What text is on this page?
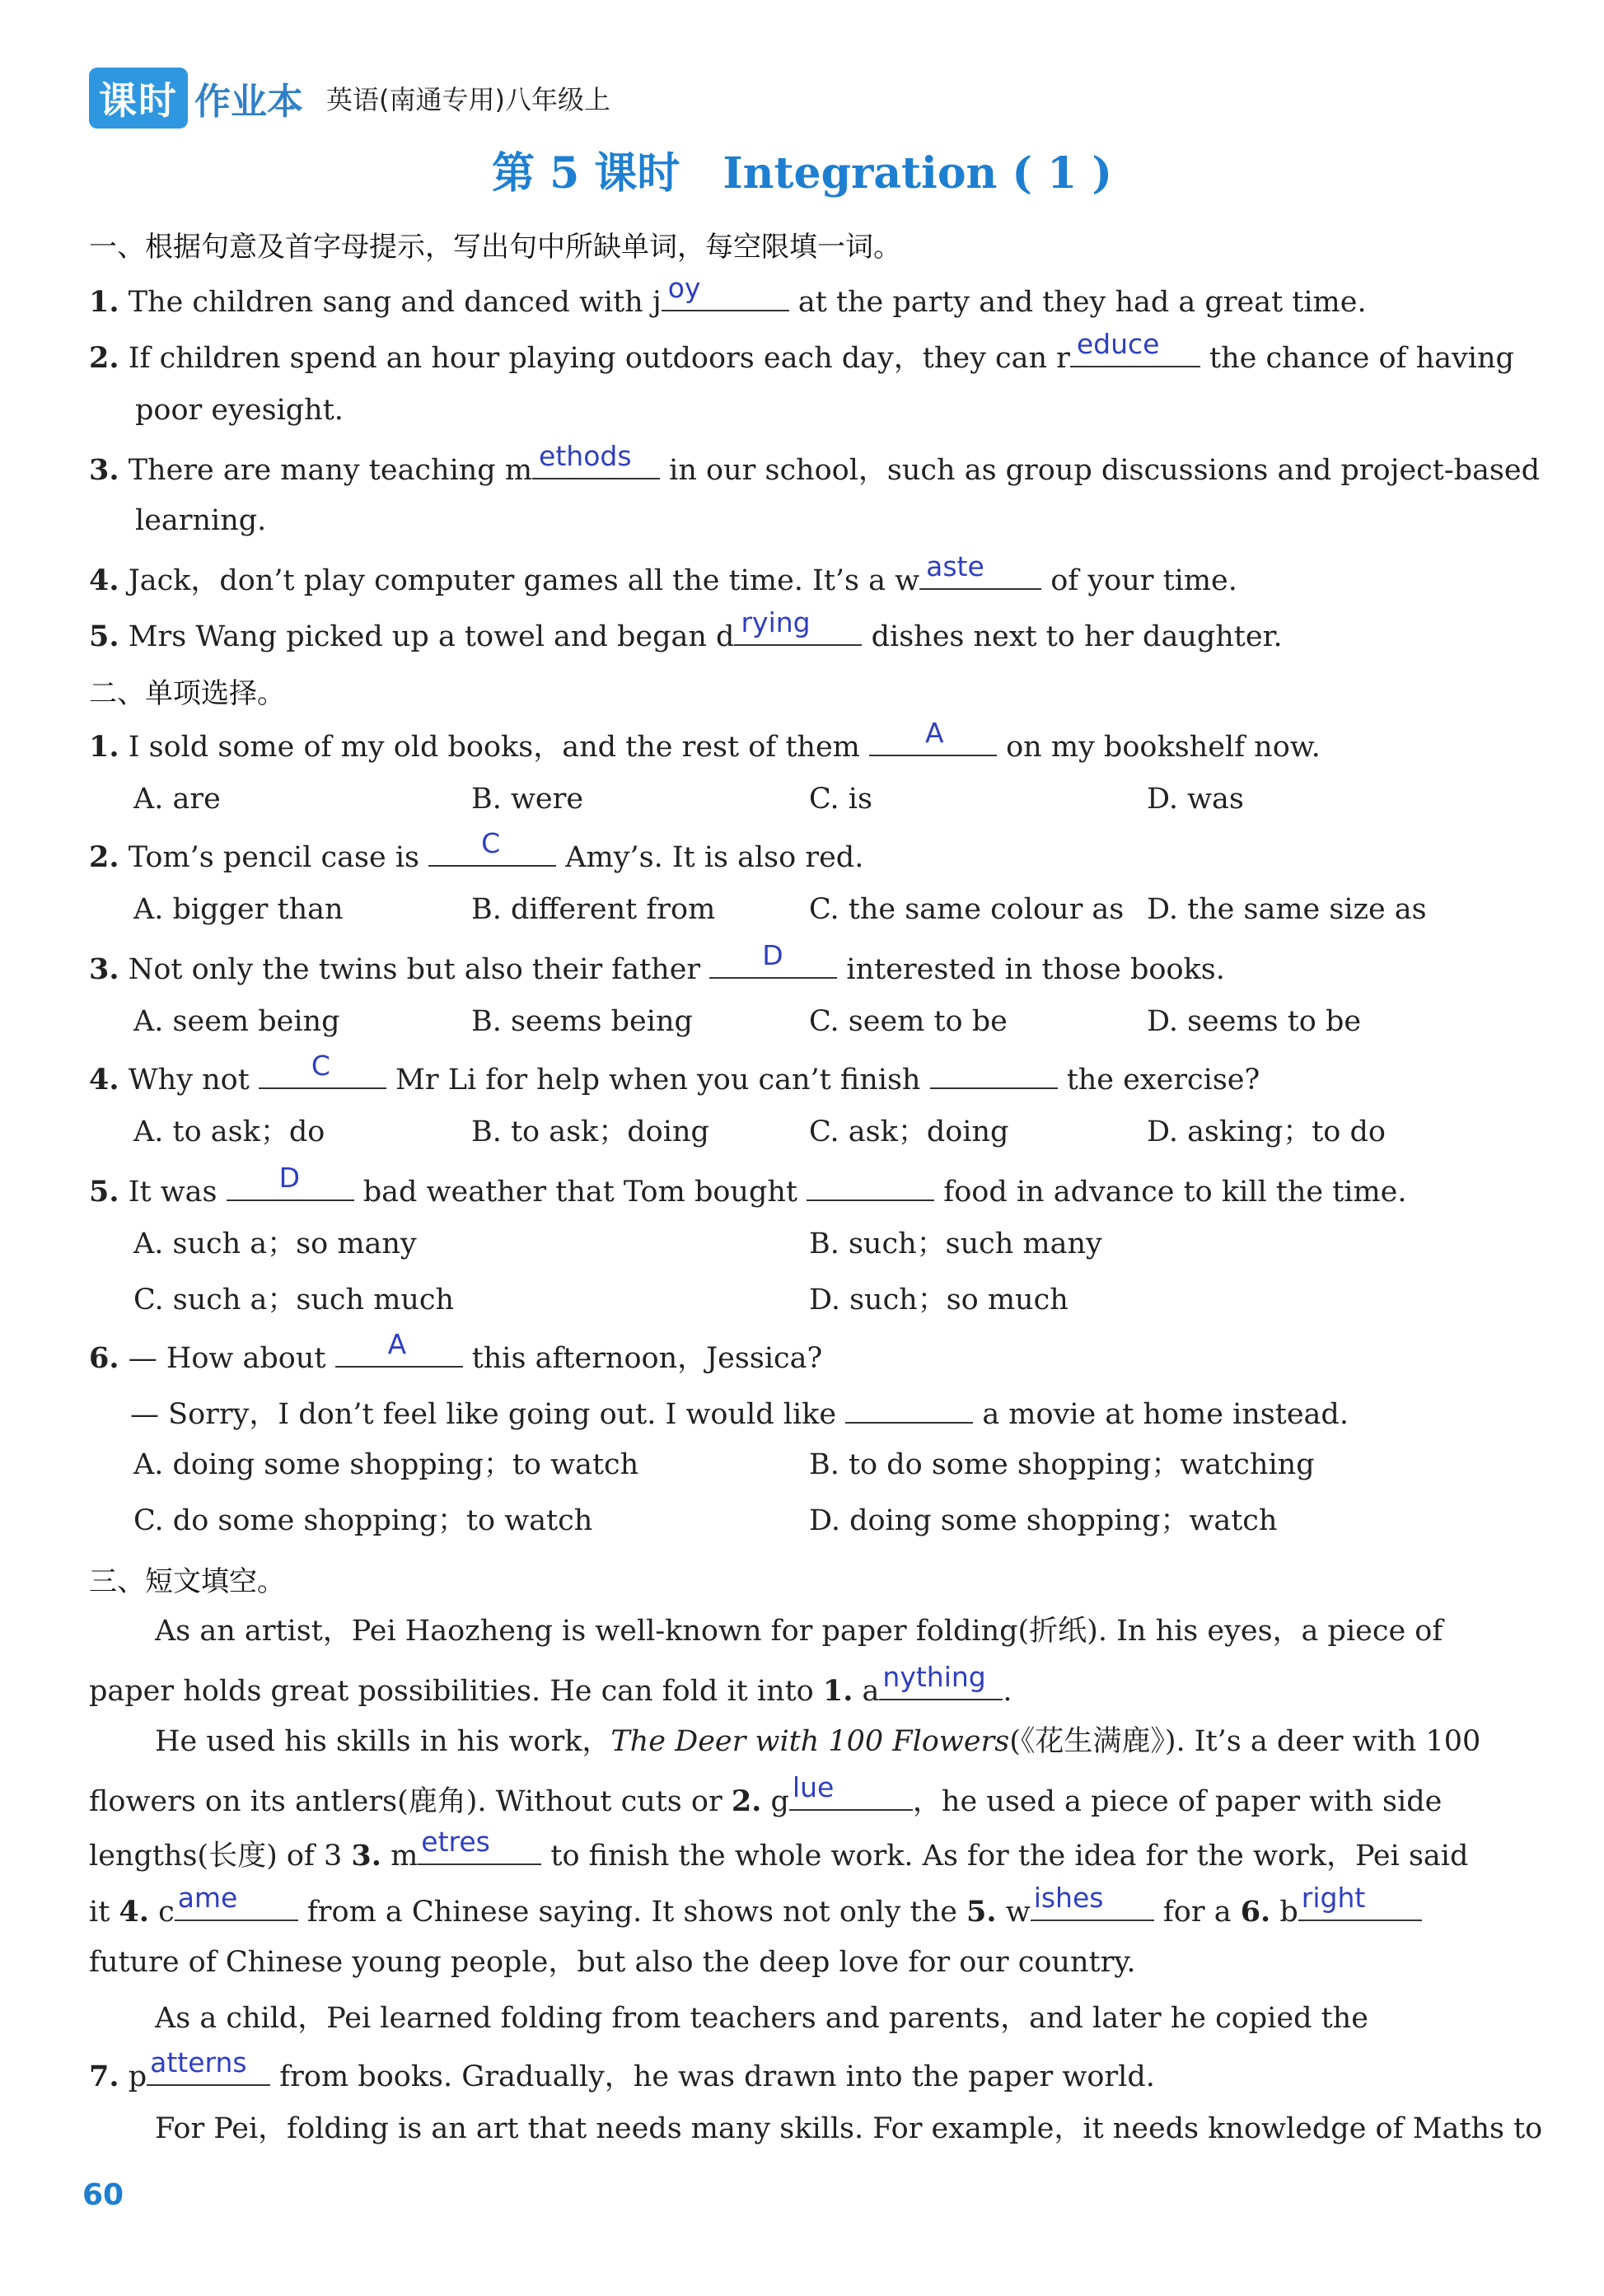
课时 作业本 英语(南通专用)八年级上
第 5 课时　Integration ( 1 )
一、根据句意及首字母提示，写出句中所缺单词，每空限填一词。
1. The children sang and danced with j oy	at the party and they had a great time.
2. If children spend an hour playing outdoors each day，they can r educe the chance of having
poor eyesight.
3. There are many teaching m ethods in our school，such as group discussions and project-based
learning.
4. Jack，don’t play computer games all the time. It’s a w aste of your time.
5. Mrs Wang picked up a towel and began d rying dishes next to her daughter.
二、单项选择。
1. I sold some of my old books，and the rest of them A on my bookshelf now.
A. are	B. were	C. is	D. was
2. Tom’s pencil case is C Amy’s. It is also red.
A. bigger than	B. different from	C. the same colour as D. the same size as
3. Not only the twins but also their father D interested in those books.
A. seem being	B. seems being	C. seem to be	D. seems to be
4. Why not C Mr Li for help when you can’t finish	the exercise?
A. to ask；do	B. to ask；doing	C. ask；doing	D. asking；to do
5. It was D bad weather that Tom bought	food in advance to kill the time.
A. such a；so many	B. such；such many
C. such a；such much	D. such；so much
6. — How about A this afternoon，Jessica?
— Sorry，I don’t feel like going out. I would like	a movie at home instead.
A. doing some shopping；to watch	B. to do some shopping；watching
C. do some shopping；to watch	D. doing some shopping；watch
三、短文填空。
As an artist，Pei Haozheng is well-known for paper folding(折纸). In his eyes，a piece of
paper holds great possibilities. He can fold it into 1. a nything .
He used his skills in his work，The Deer with 100 Flowers(《花生满鹿》). It’s a deer with 100
flowers on its antlers(鹿角). Without cuts or 2. g lue	，he used a piece of paper with side
lengths(长度) of 3 3. m etres to finish the whole work. As for the idea for the work，Pei said
it 4. c ame from a Chinese saying. It shows not only the 5. w ishes for a 6. b right
future of Chinese young people，but also the deep love for our country.
As a child，Pei learned folding from teachers and parents，and later he copied the
7. p atterns from books. Gradually，he was drawn into the paper world.
For Pei，folding is an art that needs many skills. For example，it needs knowledge of Maths to
60
